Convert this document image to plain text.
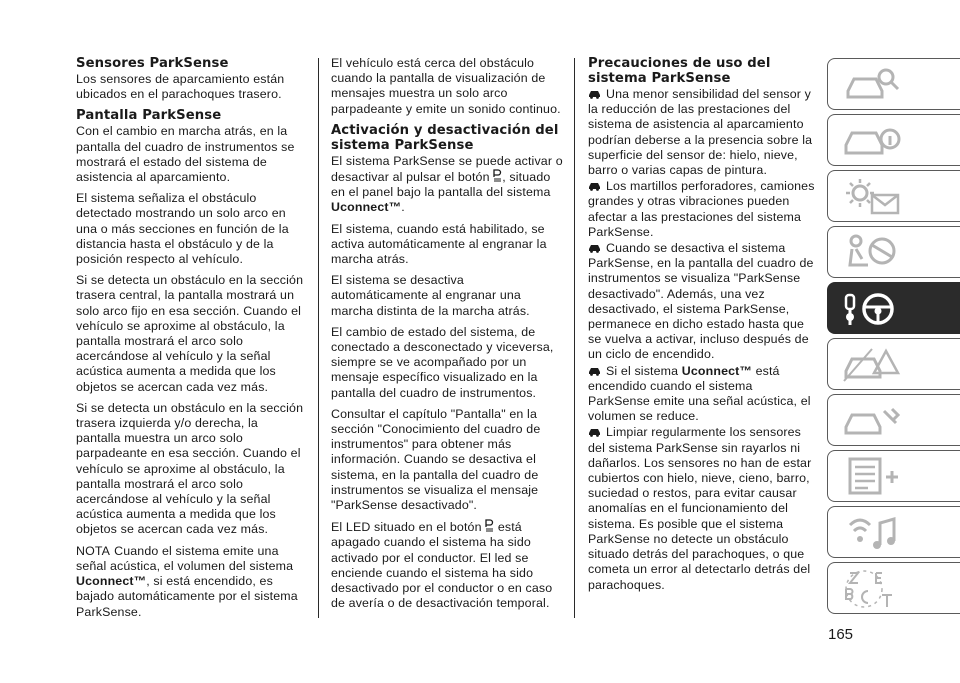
Sensores ParkSense

Los sensores de aparcamiento están ubicados en el parachoques trasero.

Pantalla ParkSense

Con el cambio en marcha atrás, en la pantalla del cuadro de instrumentos se mostrará el estado del sistema de asistencia al aparcamiento.

El sistema señaliza el obstáculo detectado mostrando un solo arco en una o más secciones en función de la distancia hasta el obstáculo y de la posición respecto al vehículo.

Si se detecta un obstáculo en la sección trasera central, la pantalla mostrará un solo arco fijo en esa sección. Cuando el vehículo se aproxime al obstáculo, la pantalla mostrará el arco solo acercándose al vehículo y la señal acústica aumenta a medida que los objetos se acercan cada vez más.

Si se detecta un obstáculo en la sección trasera izquierda y/o derecha, la pantalla muestra un arco solo parpadeante en esa sección. Cuando el vehículo se aproxime al obstáculo, la pantalla mostrará el arco solo acercándose al vehículo y la señal acústica aumenta a medida que los objetos se acercan cada vez más.

NOTA Cuando el sistema emite una señal acústica, el volumen del sistema Uconnect™, si está encendido, es bajado automáticamente por el sistema ParkSense.

El vehículo está cerca del obstáculo cuando la pantalla de visualización de mensajes muestra un solo arco parpadeante y emite un sonido continuo.

Activación y desactivación del sistema ParkSense

El sistema ParkSense se puede activar o desactivar al pulsar el botón , situado en el panel bajo la pantalla del sistema Uconnect™.

El sistema, cuando está habilitado, se activa automáticamente al engranar la marcha atrás.

El sistema se desactiva automáticamente al engranar una marcha distinta de la marcha atrás.

El cambio de estado del sistema, de conectado a desconectado y viceversa, siempre se ve acompañado por un mensaje específico visualizado en la pantalla del cuadro de instrumentos.

Consultar el capítulo "Pantalla" en la sección "Conocimiento del cuadro de instrumentos" para obtener más información. Cuando se desactiva el sistema, en la pantalla del cuadro de instrumentos se visualiza el mensaje "ParkSense desactivado".

El LED situado en el botón está apagado cuando el sistema ha sido activado por el conductor. El led se enciende cuando el sistema ha sido desactivado por el conductor o en caso de avería o de desactivación temporal.

Precauciones de uso del sistema ParkSense

Una menor sensibilidad del sensor y la reducción de las prestaciones del sistema de asistencia al aparcamiento podrían deberse a la presencia sobre la superficie del sensor de: hielo, nieve, barro o varias capas de pintura.

Los martillos perforadores, camiones grandes y otras vibraciones pueden afectar a las prestaciones del sistema ParkSense.

Cuando se desactiva el sistema ParkSense, en la pantalla del cuadro de instrumentos se visualiza "ParkSense desactivado". Además, una vez desactivado, el sistema ParkSense, permanece en dicho estado hasta que se vuelva a activar, incluso después de un ciclo de encendido.

Si el sistema Uconnect™ está encendido cuando el sistema ParkSense emite una señal acústica, el volumen se reduce.

Limpiar regularmente los sensores del sistema ParkSense sin rayarlos ni dañarlos. Los sensores no han de estar cubiertos con hielo, nieve, cieno, barro, suciedad o restos, para evitar causar anomalías en el funcionamiento del sistema. Es posible que el sistema ParkSense no detecte un obstáculo situado detrás del parachoques, o que cometa un error al detectarlo detrás del parachoques.

165
